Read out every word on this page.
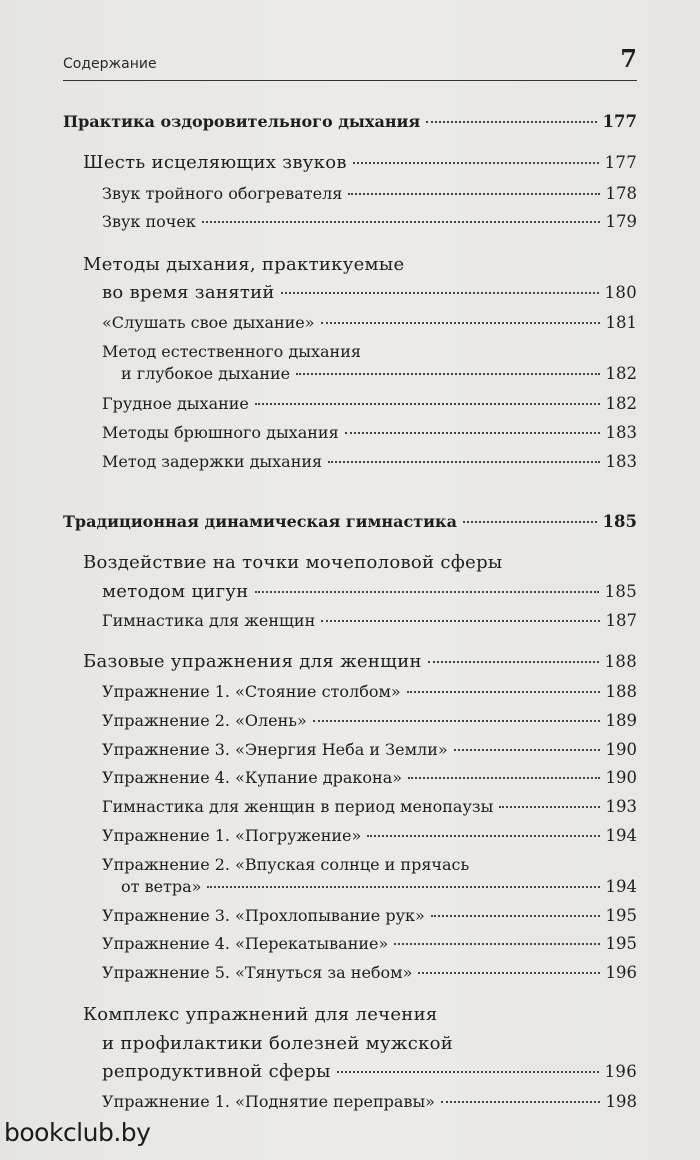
Содержание	7
Практика оздоровительного дыхания	177
Шесть исцеляющих звуков	177
Звук тройного обогревателя	178
Звук почек	179
Методы дыхания, практикуемые
во время занятий	180
«Слушать свое дыхание»	181
Метод естественного дыхания
и глубокое дыхание	182
Грудное дыхание	182
Методы брюшного дыхания	183
Метод задержки дыхания	183
Традиционная динамическая гимнастика	185
Воздействие на точки мочеполовой сферы
методом цигун	185
Гимнастика для женщин	187
Базовые упражнения для женщин	188
Упражнение 1. «Стояние столбом»	188
Упражнение 2. «Олень»	189
Упражнение 3. «Энергия Неба и Земли»	190
Упражнение 4. «Купание дракона»	190
Гимнастика для женщин в период менопаузы	193
Упражнение 1. «Погружение»	194
Упражнение 2. «Впуская солнце и прячась
от ветра»	194
Упражнение 3. «Прохлопывание рук»	195
Упражнение 4. «Перекатывание»	195
Упражнение 5. «Тянуться за небом»	196
Комплекс упражнений для лечения
и профилактики болезней мужской
репродуктивной сферы	196
Упражнение 1. «Поднятие переправы»	198
bookclub.by
